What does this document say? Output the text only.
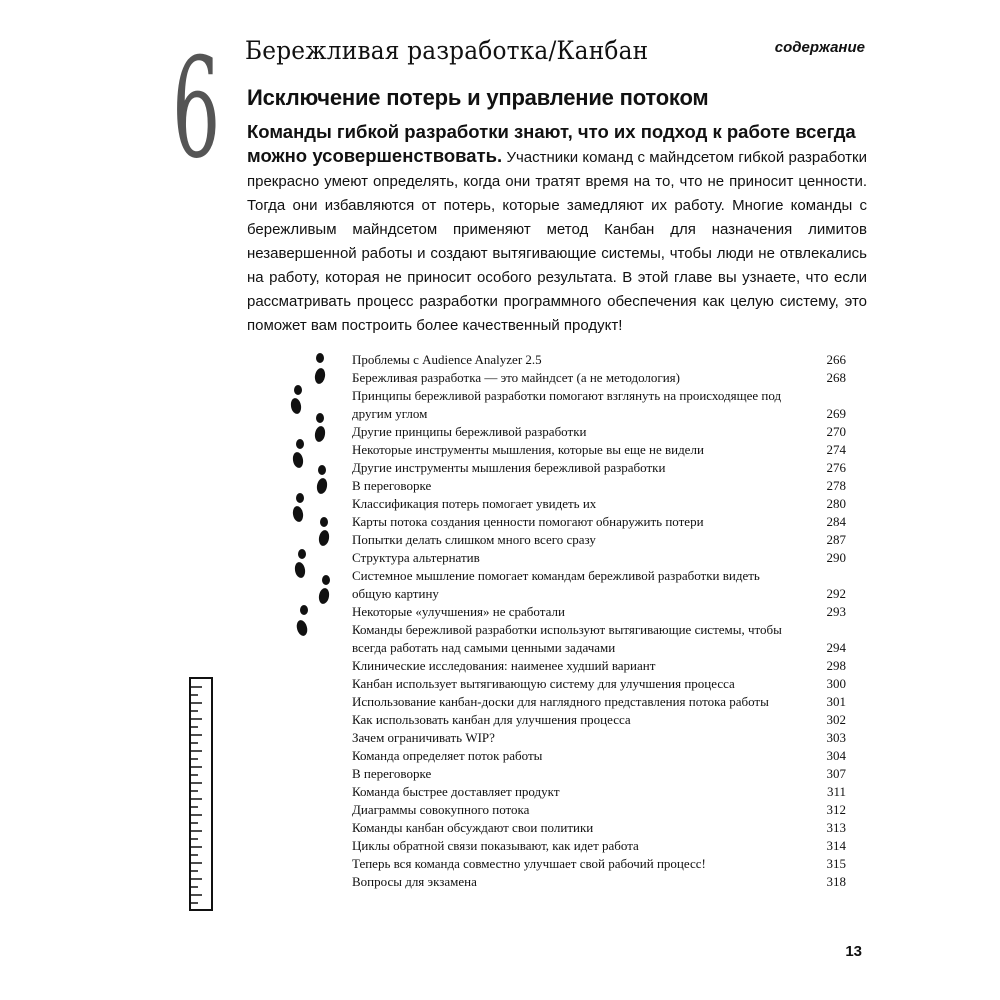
Бережливая разработка/Канбан	содержание
6 Исключение потерь и управление потоком

Команды гибкой разработки знают, что их подход к работе всегда
можно усовершенствовать. Участники команд с майндсетом гибкой разработки прекрасно умеют определять, когда они тратят время на то, что не приносит ценности. Тогда они избавляются от потерь, которые замедляют их работу. Многие команды с бережливым майндсетом применяют метод Канбан для назначения лимитов незавершенной работы и создают вытягивающие системы, чтобы люди не отвлекались на работу, которая не приносит особого результата. В этой главе вы узнаете, что если рассматривать процесс разработки программного обеспечения как целую систему, это поможет вам построить более качественный продукт!

Проблемы с Audience Analyzer 2.5	266
Бережливая разработка — это майндсет (а не методология)	268
Принципы бережливой разработки помогают взглянуть на происходящее под другим углом	269
Другие принципы бережливой разработки	270
Некоторые инструменты мышления, которые вы еще не видели	274
Другие инструменты мышления бережливой разработки	276
В переговорке	278
Классификация потерь помогает увидеть их	280
Карты потока создания ценности помогают обнаружить потери	284
Попытки делать слишком много всего сразу	287
Структура альтернатив	290
Системное мышление помогает командам бережливой разработки видеть общую картину	292
Некоторые «улучшения» не сработали	293
Команды бережливой разработки используют вытягивающие системы, чтобы всегда работать над самыми ценными задачами	294
Клинические исследования: наименее худший вариант	298
Канбан использует вытягивающую систему для улучшения процесса	300
Использование канбан-доски для наглядного представления потока работы	301
Как использовать канбан для улучшения процесса	302
Зачем ограничивать WIP?	303
Команда определяет поток работы	304
В переговорке	307
Команда быстрее доставляет продукт	311
Диаграммы совокупного потока	312
Команды канбан обсуждают свои политики	313
Циклы обратной связи показывают, как идет работа	314
Теперь вся команда совместно улучшает свой рабочий процесс!	315
Вопросы для экзамена	318
13
